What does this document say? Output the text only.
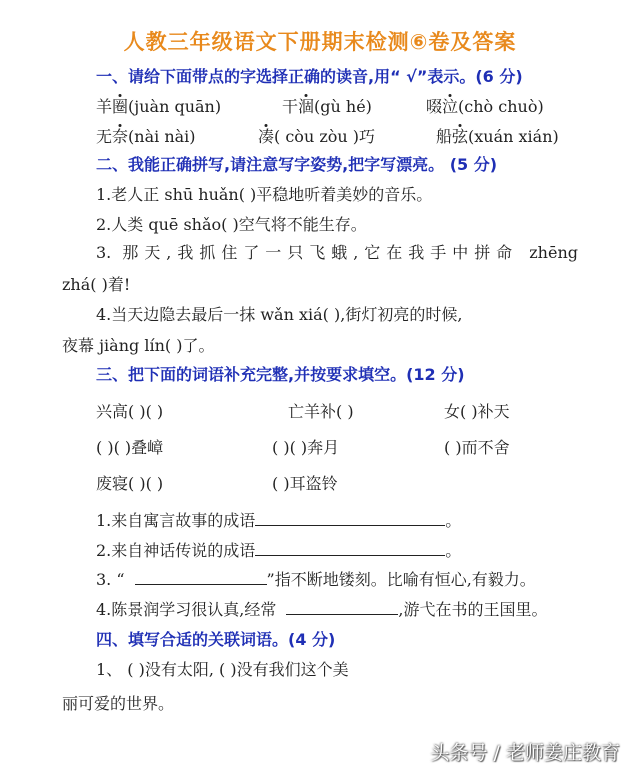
人教三年级语文下册期末检测⑥卷及答案
一、请给下面带点的字选择正确的读音,用“ √”表示。(6 分)
羊圈(juàn quān)	干涸(gù hé)	啜泣(chò chuò)
无奈(nài nài)	凑( còu zòu )巧	船弦(xuán xián)
二、我能正确拼写,请注意写字姿势,把字写漂亮。 (5 分)
1.老人正 shū huǎn( )平稳地听着美妙的音乐。
2.人类 quē shǎo( )空气将不能生存。
3. 那天,我抓住了一只飞蛾,它在我手中拼命 zhēng
zhá( )着!
4.当天边隐去最后一抹 wǎn xiá( ),街灯初亮的时候,
夜幕 jiàng lín( )了。
三、把下面的词语补充完整,并按要求填空。(12 分)
兴高( )( )	亡羊补( )	女( )补天
( )( )叠嶂	( )( )奔月	( )而不舍
废寝( )( )	( )耳盗铃
1.来自寓言故事的成语	。
2.来自神话传说的成语	。
3. “	”指不断地镂刻。比喻有恒心,有毅力。
4.陈景润学习很认真,经常	,游弋在书的王国里。
四、填写合适的关联词语。(4 分)
1、 ( )没有太阳, ( )没有我们这个美
丽可爱的世界。
头条号 / 老师姜庄教育
